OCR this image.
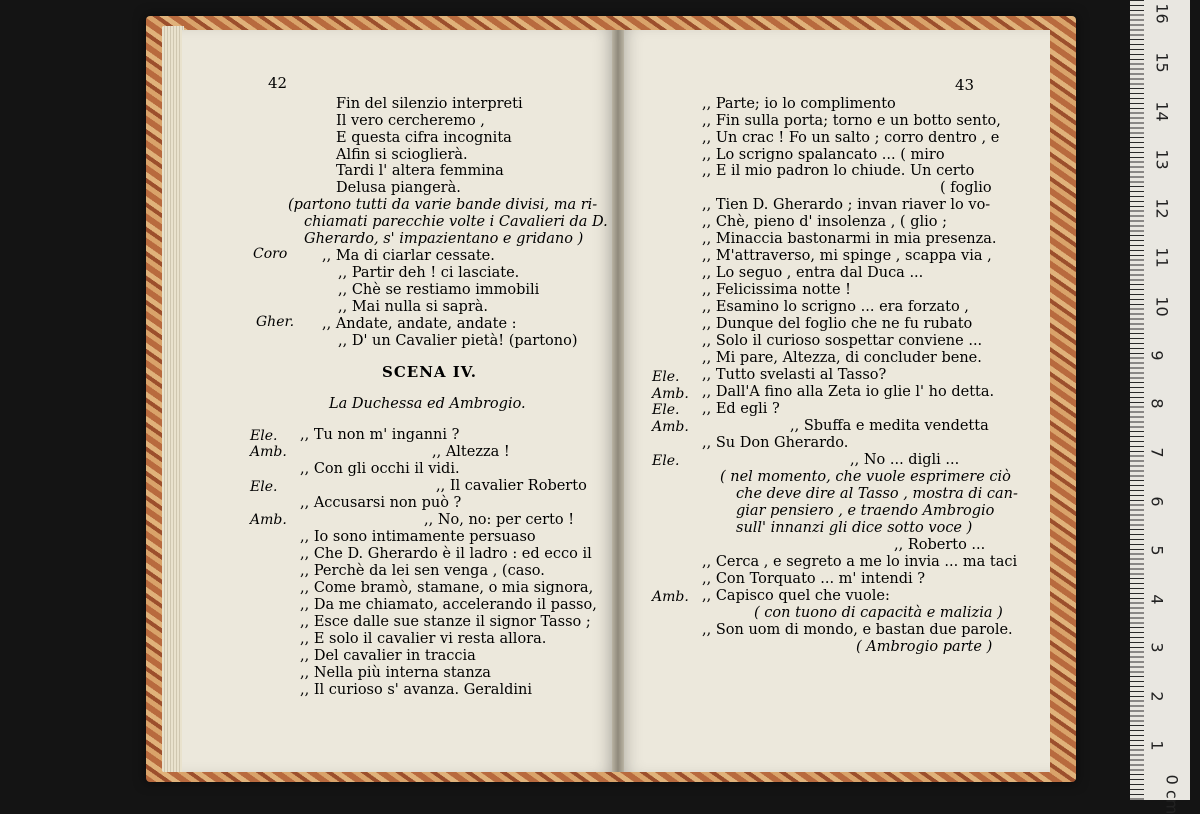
42	43
SCENA IV.
La Duchessa ed Ambrogio.
Fin del silenzio interpreti
Il vero cercheremo ,
E questa cifra incognita
Alfin si scioglierà.
Tardi l' altera femmina
Delusa piangerà.
(partono tutti da varie bande divisi, ma ri-
chiamati parecchie volte i Cavalieri da D.
Gherardo, s' impazientano e gridano )
,, Ma di ciarlar cessate.
,, Partir deh ! ci lasciate.
,, Chè se restiamo immobili
,, Mai nulla si saprà.
,, Andate, andate, andate :
,, D' un Cavalier pietà! (partono)
,, Tu non m' inganni ?
,, Altezza !
,, Con gli occhi il vidi.
,, Il cavalier Roberto
,, Accusarsi non può ?
,, No, no: per certo !
,, Io sono intimamente persuaso
,, Che D. Gherardo è il ladro : ed ecco il
,, Perchè da lei sen venga , (caso.
,, Come bramò, stamane, o mia signora,
,, Da me chiamato, accelerando il passo,
,, Esce dalle sue stanze il signor Tasso ;
,, E solo il cavalier vi resta allora.
,, Del cavalier in traccia
,, Nella più interna stanza
,, Il curioso s' avanza. Geraldini
Coro
Gher.
Ele.
Amb.
Ele.
Amb.
,, Parte; io lo complimento
,, Fin sulla porta; torno e un botto sento,
,, Un crac ! Fo un salto ; corro dentro , e
,, Lo scrigno spalancato ... ( miro
,, E il mio padron lo chiude. Un certo
( foglio
,, Tien D. Gherardo ; invan riaver lo vo-
,, Chè, pieno d' insolenza , ( glio ;
,, Minaccia bastonarmi in mia presenza.
,, M'attraverso, mi spinge , scappa via ,
,, Lo seguo , entra dal Duca ...
,, Felicissima notte !
,, Esamino lo scrigno ... era forzato ,
,, Dunque del foglio che ne fu rubato
,, Solo il curioso sospettar conviene ...
,, Mi pare, Altezza, di concluder bene.
,, Tutto svelasti al Tasso?
,, Dall'A fino alla Zeta io glie l' ho detta.
,, Ed egli ?
,, Sbuffa e medita vendetta
,, Su Don Gherardo.
,, No ... digli ...
( nel momento, che vuole esprimere ciò
che deve dire al Tasso , mostra di can-
giar pensiero , e traendo Ambrogio
sull' innanzi gli dice sotto voce )
,, Roberto ...
,, Cerca , e segreto a me lo invia ... ma taci
,, Con Torquato ... m' intendi ?
,, Capisco quel che vuole:
( con tuono di capacità e malizia )
,, Son uom di mondo, e bastan due parole.
( Ambrogio parte )
Ele.
Amb.
Ele.
Amb.
Ele.
Amb.
16
15
14
13
12
11
10
9
8
7
6
5
4
3
2
1
0 cm
